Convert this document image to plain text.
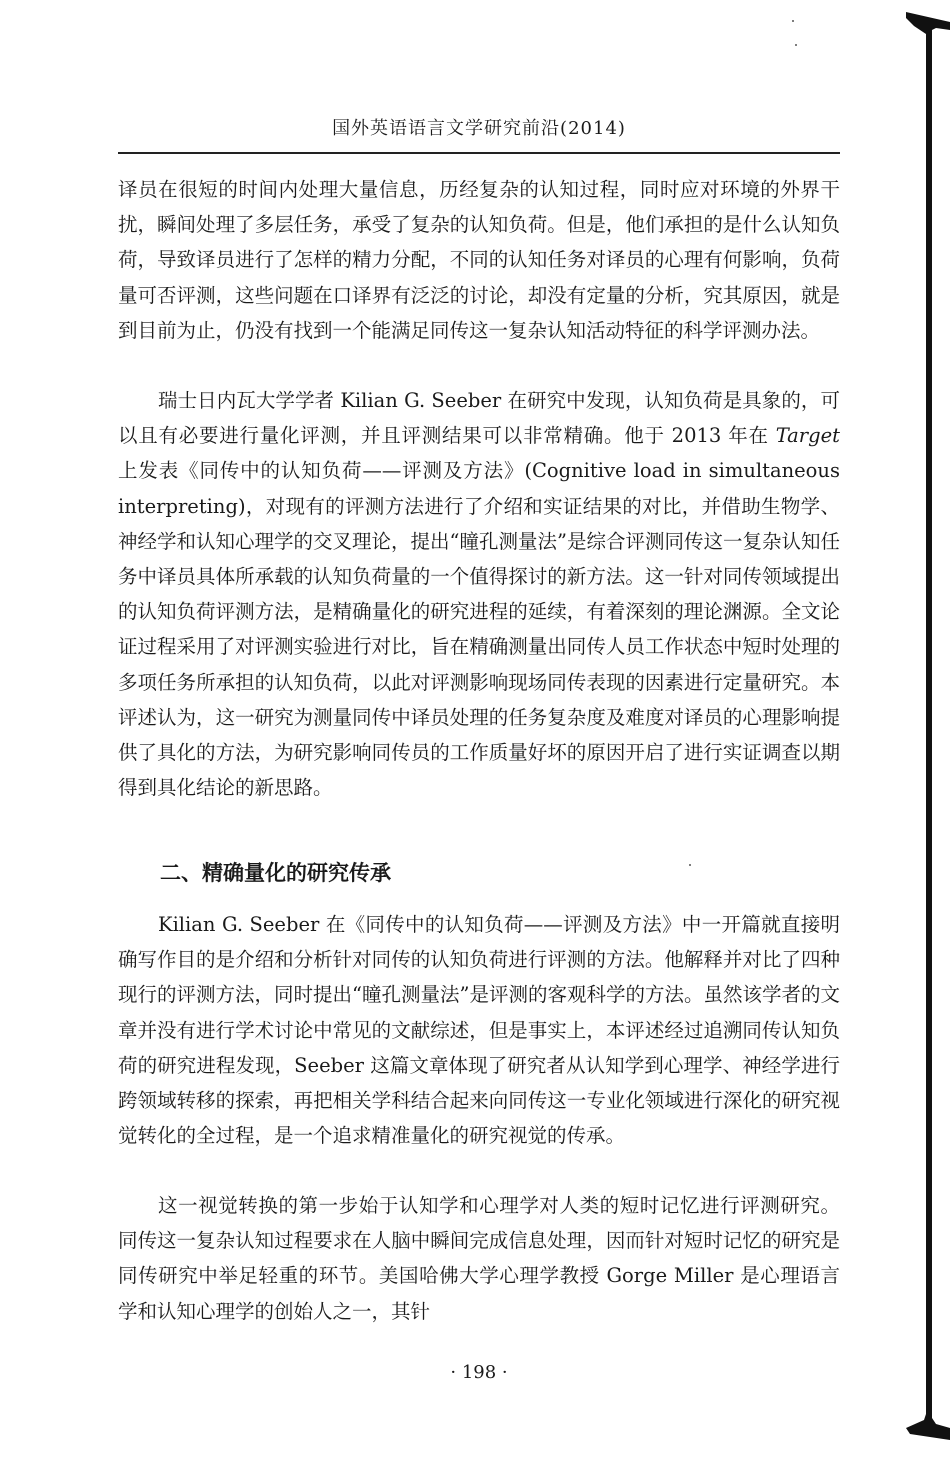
国外英语语言文学研究前沿(2014)

译员在很短的时间内处理大量信息，历经复杂的认知过程，同时应对环境的外界干扰，瞬间处理了多层任务，承受了复杂的认知负荷。但是，他们承担的是什么认知负荷，导致译员进行了怎样的精力分配，不同的认知任务对译员的心理有何影响，负荷量可否评测，这些问题在口译界有泛泛的讨论，却没有定量的分析，究其原因，就是到目前为止，仍没有找到一个能满足同传这一复杂认知活动特征的科学评测办法。

瑞士日内瓦大学学者 Kilian G. Seeber 在研究中发现，认知负荷是具象的，可以且有必要进行量化评测，并且评测结果可以非常精确。他于 2013 年在 Target 上发表《同传中的认知负荷——评测及方法》(Cognitive load in simultaneous interpreting)，对现有的评测方法进行了介绍和实证结果的对比，并借助生物学、神经学和认知心理学的交叉理论，提出“瞳孔测量法”是综合评测同传这一复杂认知任务中译员具体所承载的认知负荷量的一个值得探讨的新方法。这一针对同传领域提出的认知负荷评测方法，是精确量化的研究进程的延续，有着深刻的理论渊源。全文论证过程采用了对评测实验进行对比，旨在精确测量出同传人员工作状态中短时处理的多项任务所承担的认知负荷，以此对评测影响现场同传表现的因素进行定量研究。本评述认为，这一研究为测量同传中译员处理的任务复杂度及难度对译员的心理影响提供了具化的方法，为研究影响同传员的工作质量好坏的原因开启了进行实证调查以期得到具化结论的新思路。

二、精确量化的研究传承

Kilian G. Seeber 在《同传中的认知负荷——评测及方法》中一开篇就直接明确写作目的是介绍和分析针对同传的认知负荷进行评测的方法。他解释并对比了四种现行的评测方法，同时提出“瞳孔测量法”是评测的客观科学的方法。虽然该学者的文章并没有进行学术讨论中常见的文献综述，但是事实上，本评述经过追溯同传认知负荷的研究进程发现，Seeber 这篇文章体现了研究者从认知学到心理学、神经学进行跨领域转移的探索，再把相关学科结合起来向同传这一专业化领域进行深化的研究视觉转化的全过程，是一个追求精准量化的研究视觉的传承。

这一视觉转换的第一步始于认知学和心理学对人类的短时记忆进行评测研究。同传这一复杂认知过程要求在人脑中瞬间完成信息处理，因而针对短时记忆的研究是同传研究中举足轻重的环节。美国哈佛大学心理学教授 Gorge Miller 是心理语言学和认知心理学的创始人之一，其针

· 198 ·
